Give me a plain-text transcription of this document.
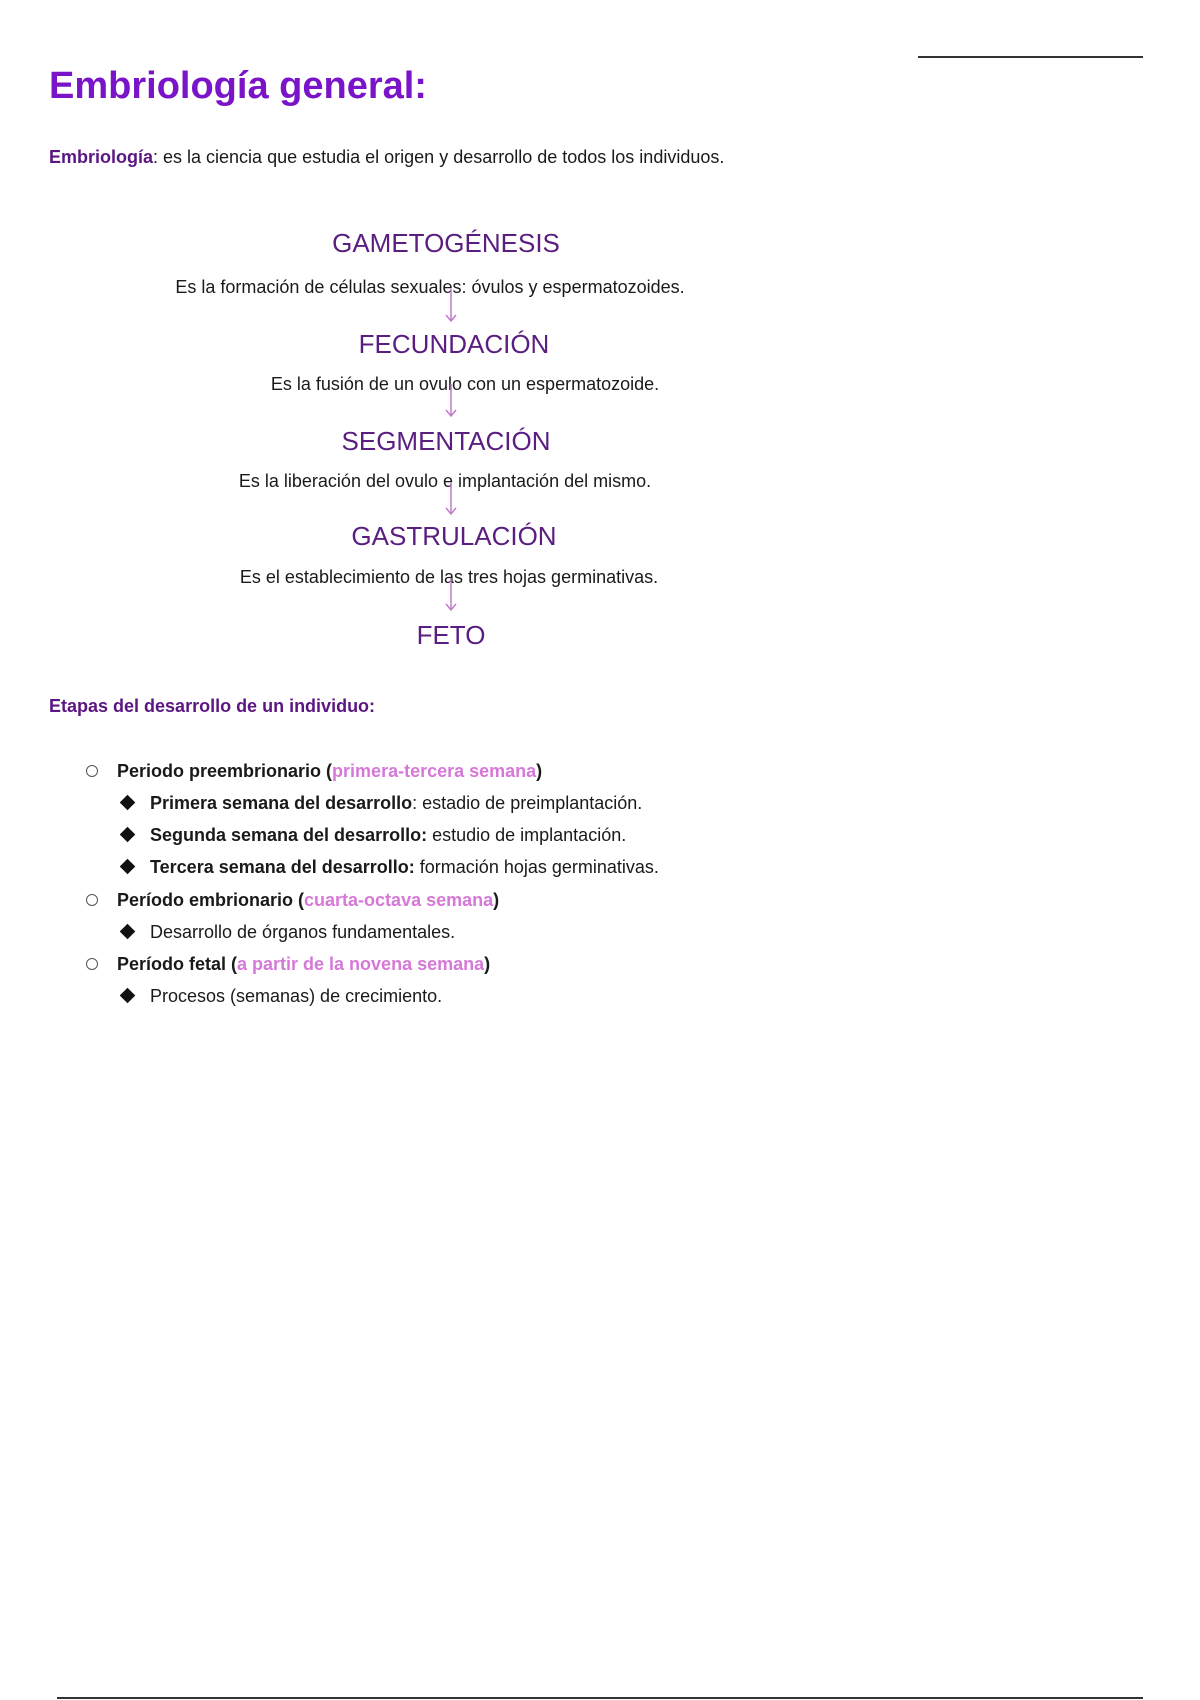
Embriología general:

Embriología: es la ciencia que estudia el origen y desarrollo de todos los individuos.

GAMETOGÉNESIS
Es la formación de células sexuales: óvulos y espermatozoides.
FECUNDACIÓN
Es la fusión de un ovulo con un espermatozoide.
SEGMENTACIÓN
Es la liberación del ovulo e implantación del mismo.
GASTRULACIÓN
Es el establecimiento de las tres hojas germinativas.
FETO
Etapas del desarrollo de un individuo:
Periodo preembrionario (primera-tercera semana)
Primera semana del desarrollo: estadio de preimplantación.
Segunda semana del desarrollo: estudio de implantación.
Tercera semana del desarrollo: formación hojas germinativas.
Período embrionario (cuarta-octava semana)
Desarrollo de órganos fundamentales.
Período fetal (a partir de la novena semana)
Procesos (semanas) de crecimiento.
